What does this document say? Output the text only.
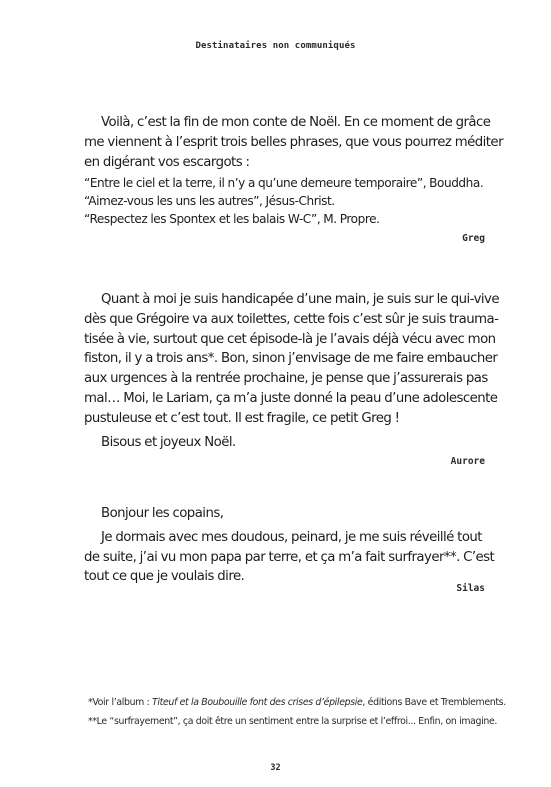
Destinataires non communiqués
Voilà, c’est la fin de mon conte de Noël. En ce moment de grâce
me viennent à l’esprit trois belles phrases, que vous pourrez méditer
en digérant vos escargots :
“Entre le ciel et la terre, il n’y a qu’une demeure temporaire”, Bouddha.
“Aimez-vous les uns les autres”, Jésus-Christ.
“Respectez les Spontex et les balais W-C”, M. Propre.
Greg
Quant à moi je suis handicapée d’une main, je suis sur le qui-vive
dès que Grégoire va aux toilettes, cette fois c’est sûr je suis trauma-
tisée à vie, surtout que cet épisode-là je l’avais déjà vécu avec mon
fiston, il y a trois ans*. Bon, sinon j’envisage de me faire embaucher
aux urgences à la rentrée prochaine, je pense que j’assurerais pas
mal… Moi, le Lariam, ça m’a juste donné la peau d’une adolescente
pustuleuse et c’est tout. Il est fragile, ce petit Greg !
Bisous et joyeux Noël.
Aurore
Bonjour les copains,
Je dormais avec mes doudous, peinard, je me suis réveillé tout
de suite, j’ai vu mon papa par terre, et ça m’a fait surfrayer**. C’est
tout ce que je voulais dire.
Silas
*Voir l’album : Titeuf et la Boubouille font des crises d’épilepsie, éditions Bave et Tremblements.
**Le “surfrayement”, ça doit être un sentiment entre la surprise et l’effroi... Enfin, on imagine.
32
